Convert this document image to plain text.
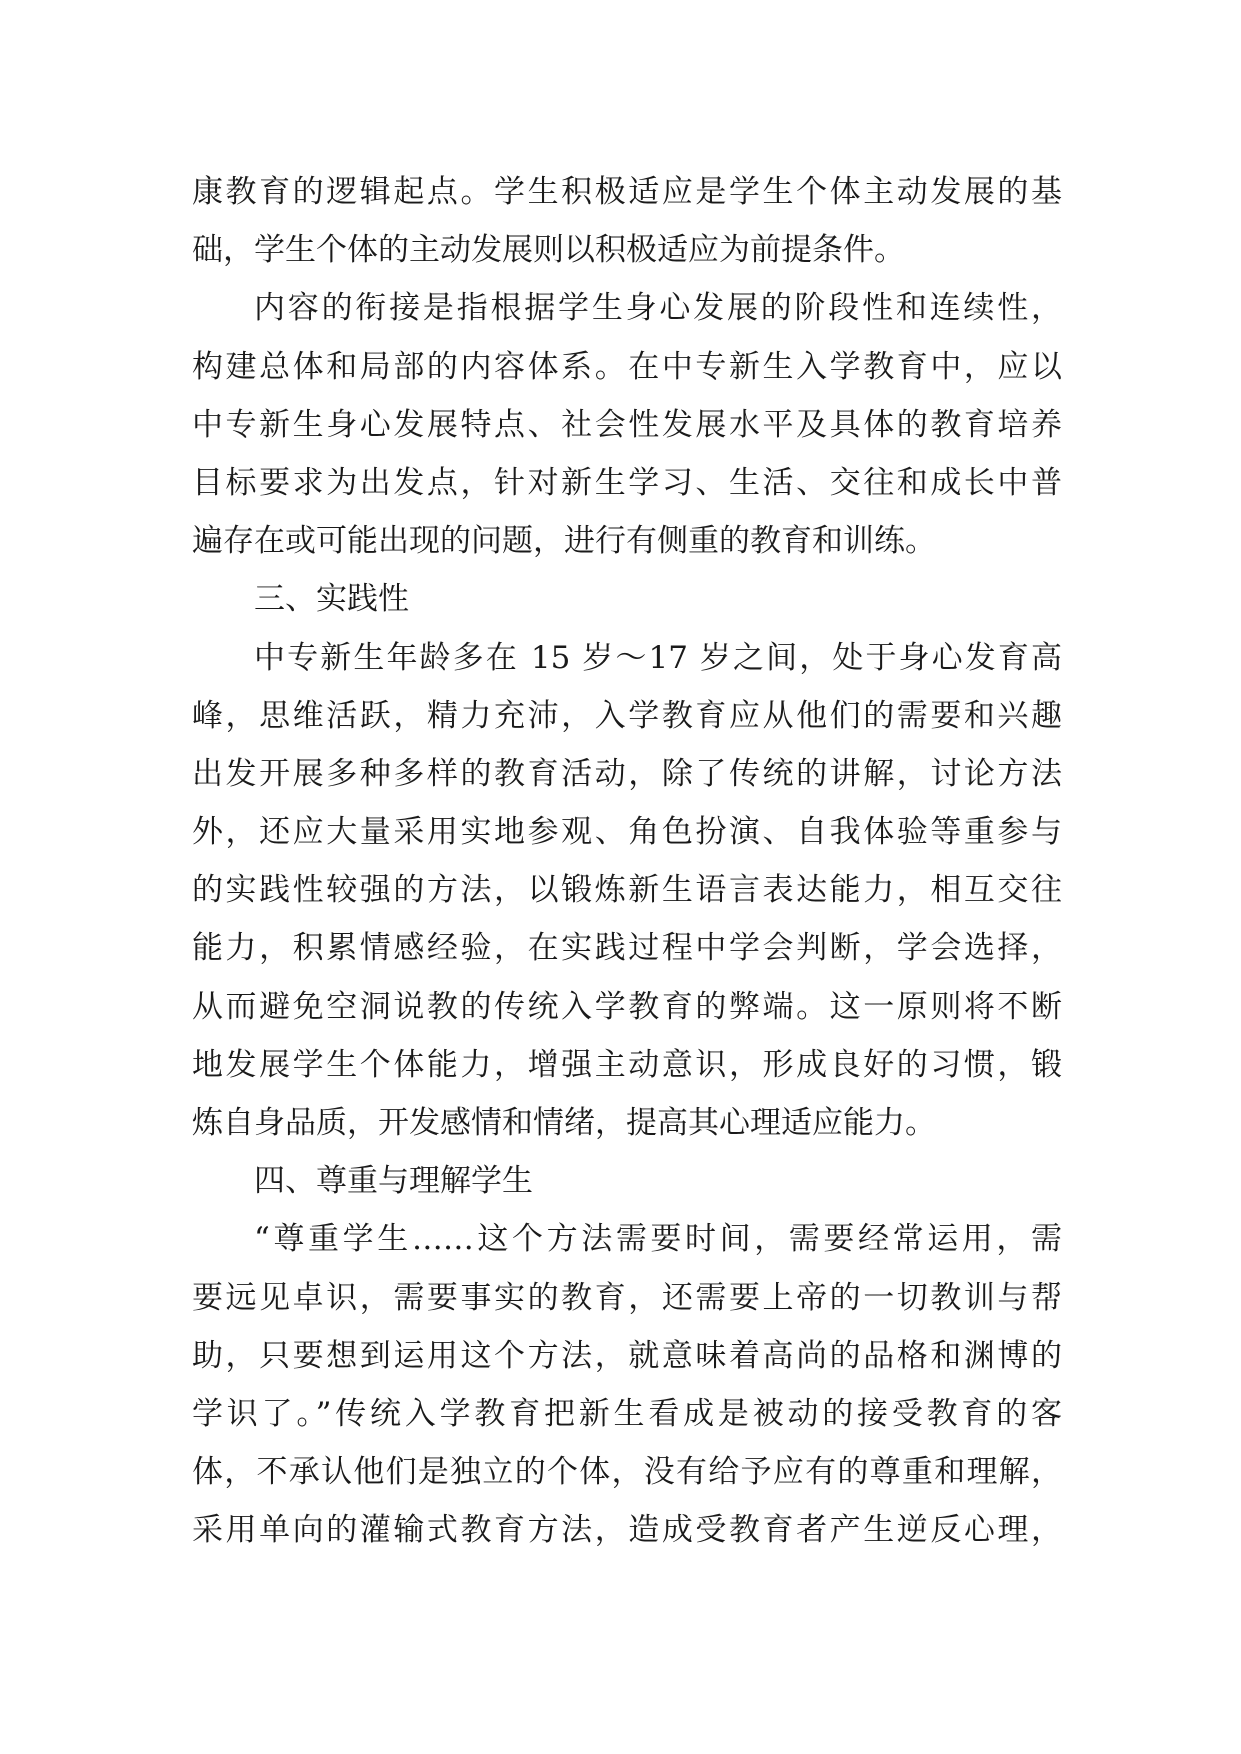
康教育的逻辑起点。学生积极适应是学生个体主动发展的基
础，学生个体的主动发展则以积极适应为前提条件。
内容的衔接是指根据学生身心发展的阶段性和连续性，
构建总体和局部的内容体系。在中专新生入学教育中，应以
中专新生身心发展特点、社会性发展水平及具体的教育培养
目标要求为出发点，针对新生学习、生活、交往和成长中普
遍存在或可能出现的问题，进行有侧重的教育和训练。
三、实践性
中专新生年龄多在 15 岁～17 岁之间，处于身心发育高
峰，思维活跃，精力充沛，入学教育应从他们的需要和兴趣
出发开展多种多样的教育活动，除了传统的讲解，讨论方法
外，还应大量采用实地参观、角色扮演、自我体验等重参与
的实践性较强的方法，以锻炼新生语言表达能力，相互交往
能力，积累情感经验，在实践过程中学会判断，学会选择，
从而避免空洞说教的传统入学教育的弊端。这一原则将不断
地发展学生个体能力，增强主动意识，形成良好的习惯，锻
炼自身品质，开发感情和情绪，提高其心理适应能力。
四、尊重与理解学生
“尊重学生……这个方法需要时间，需要经常运用，需
要远见卓识，需要事实的教育，还需要上帝的一切教训与帮
助，只要想到运用这个方法，就意味着高尚的品格和渊博的
学识了。”传统入学教育把新生看成是被动的接受教育的客
体，不承认他们是独立的个体，没有给予应有的尊重和理解，
采用单向的灌输式教育方法，造成受教育者产生逆反心理，
